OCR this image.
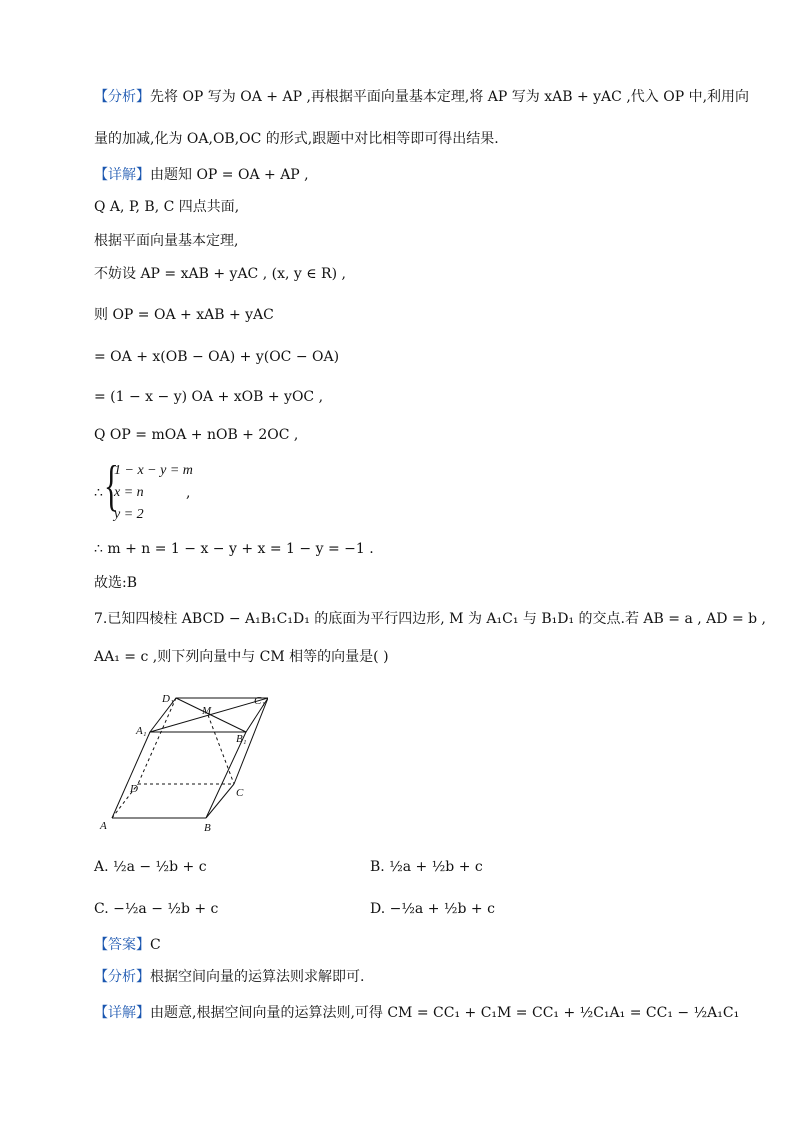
【分析】先将 OP 写为 OA + AP ,再根据平面向量基本定理,将 AP 写为 xAB + yAC ,代入 OP 中,利用向
量的加减,化为 OA,OB,OC 的形式,跟题中对比相等即可得出结果.
【详解】由题知 OP = OA + AP ,
Q A, P, B, C 四点共面,
根据平面向量基本定理,
不妨设 AP = xAB + yAC , (x, y ∈ R) ,
则 OP = OA + xAB + yAC
= OA + x(OB − OA) + y(OC − OA)
= (1 − x − y) OA + xOB + yOC ,
Q OP = mOA + nOB + 2OC ,
∴ {
1 − x − y = m
x = n
y = 2
,
∴ m + n = 1 − x − y + x = 1 − y = −1 .
故选:B
7.已知四棱柱 ABCD − A₁B₁C₁D₁ 的底面为平行四边形, M 为 A₁C₁ 与 B₁D₁ 的交点.若 AB = a , AD = b ,
AA₁ = c ,则下列向量中与 CM 相等的向量是( )
A	B
C
D
A₁
B₁
C₁
D₁
M
A. ½a − ½b + c	B. ½a + ½b + c
C. −½a − ½b + c	D. −½a + ½b + c
【答案】C
【分析】根据空间向量的运算法则求解即可.
【详解】由题意,根据空间向量的运算法则,可得 CM = CC₁ + C₁M = CC₁ + ½C₁A₁ = CC₁ − ½A₁C₁
